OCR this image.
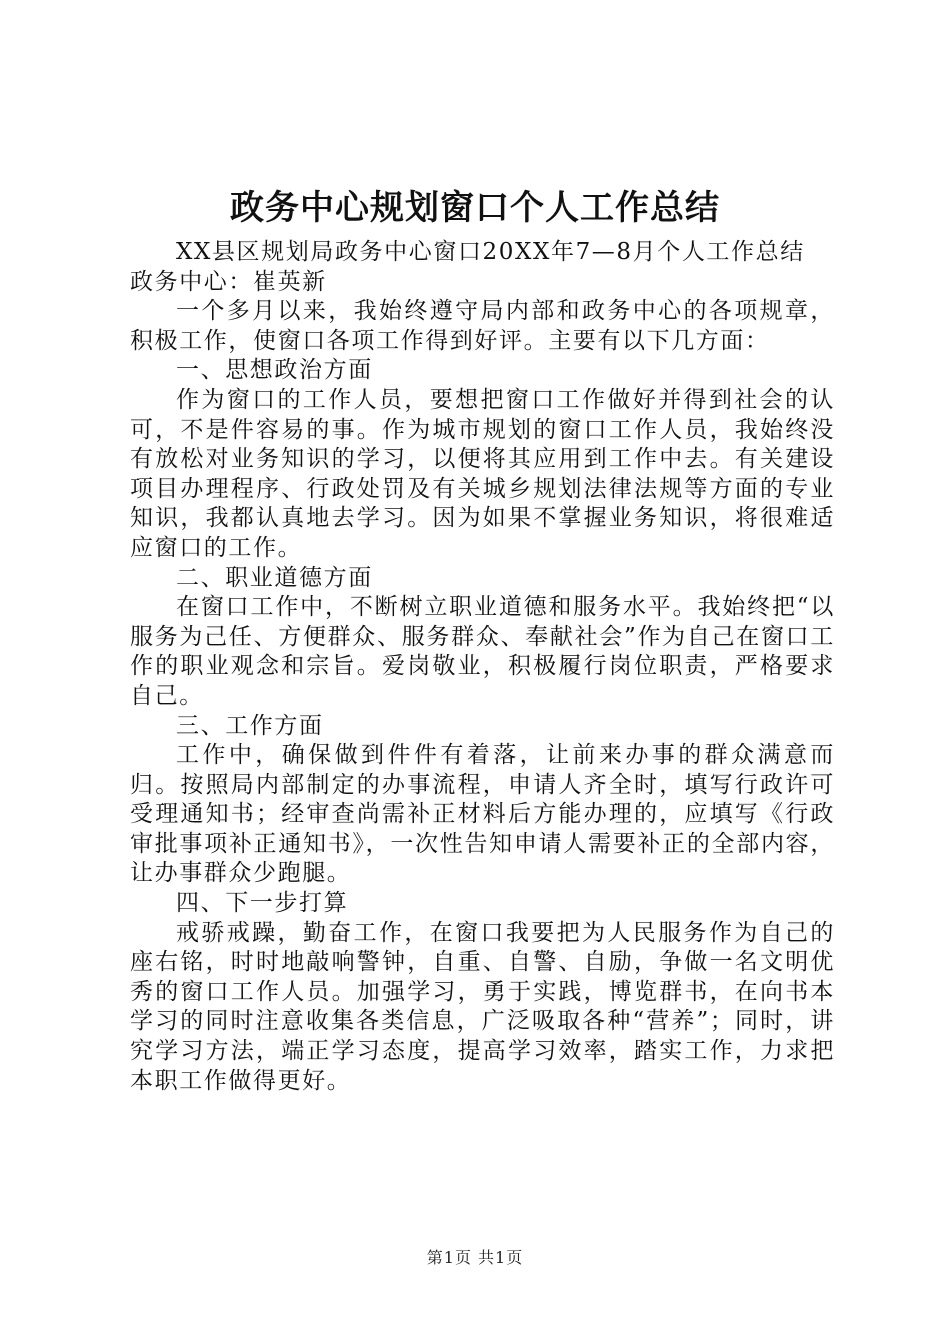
政务中心规划窗口个人工作总结

XX县区规划局政务中心窗口20XX年7—8月个人工作总结

政务中心：崔英新

一个多月以来，我始终遵守局内部和政务中心的各项规章，积极工作，使窗口各项工作得到好评。主要有以下几方面：

一、思想政治方面

作为窗口的工作人员，要想把窗口工作做好并得到社会的认可，不是件容易的事。作为城市规划的窗口工作人员，我始终没有放松对业务知识的学习，以便将其应用到工作中去。有关建设项目办理程序、行政处罚及有关城乡规划法律法规等方面的专业知识，我都认真地去学习。因为如果不掌握业务知识，将很难适应窗口的工作。

二、职业道德方面

在窗口工作中，不断树立职业道德和服务水平。我始终把“以服务为己任、方便群众、服务群众、奉献社会”作为自己在窗口工作的职业观念和宗旨。爱岗敬业，积极履行岗位职责，严格要求自己。

三、工作方面

工作中，确保做到件件有着落，让前来办事的群众满意而归。按照局内部制定的办事流程，申请人齐全时，填写行政许可受理通知书；经审查尚需补正材料后方能办理的，应填写《行政审批事项补正通知书》，一次性告知申请人需要补正的全部内容，让办事群众少跑腿。

四、下一步打算

戒骄戒躁，勤奋工作，在窗口我要把为人民服务作为自己的座右铭，时时地敲响警钟，自重、自警、自励，争做一名文明优秀的窗口工作人员。加强学习，勇于实践，博览群书，在向书本学习的同时注意收集各类信息，广泛吸取各种“营养”；同时，讲究学习方法，端正学习态度，提高学习效率，踏实工作，力求把本职工作做得更好。

第1页 共1页
